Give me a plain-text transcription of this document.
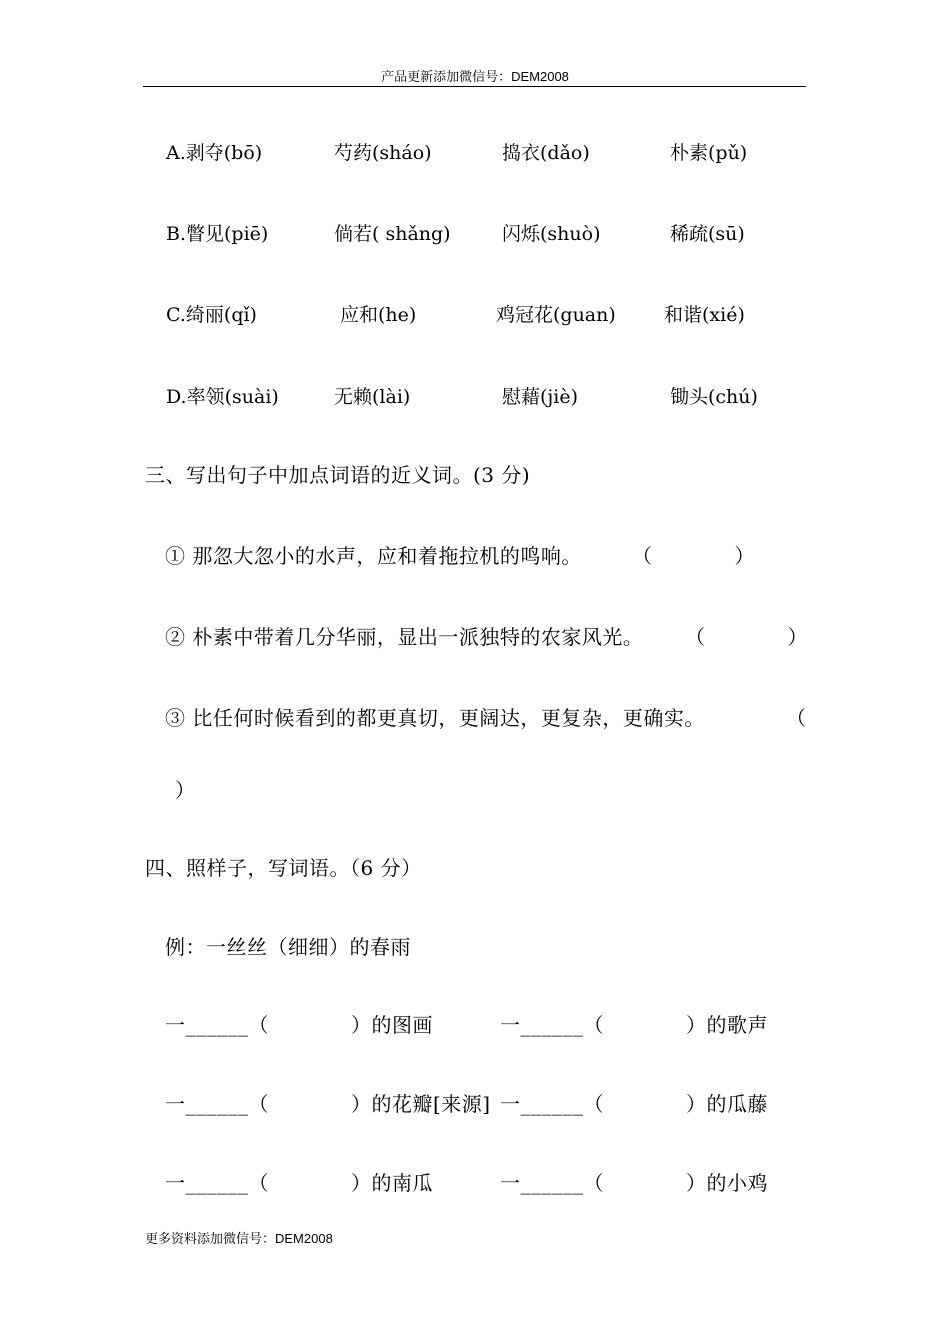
产品更新添加微信号：DEM2008
A.剥夺(bō)	芍药(sháo)	捣衣(dǎo)	朴素(pǔ)
B.瞥见(piē)	倘若( shǎng)	闪烁(shuò)	稀疏(sū)
C.绮丽(qǐ)	应和(he)	鸡冠花(guan)	和谐(xié)
D.率领(suài)	无赖(lài)	慰藉(jiè)	锄头(chú)
三、写出句子中加点词语的近义词。(3 分)
① 那忽大忽小的水声，应和着拖拉机的鸣响。	（　　　　）
② 朴素中带着几分华丽，显出一派独特的农家风光。 （　　　　）
③ 比任何时候看到的都更真切，更阔达，更复杂，更确实。	（
）
四、照样子，写词语。（6 分）
例：一丝丝（细细）的春雨
一______（　　　　）的图画	一______（　　　　）的歌声
一______（　　　　）的花瓣[来源] 一______（　　　　）的瓜藤
一______（　　　　）的南瓜	一______（　　　　）的小鸡
更多资料添加微信号：DEM2008
